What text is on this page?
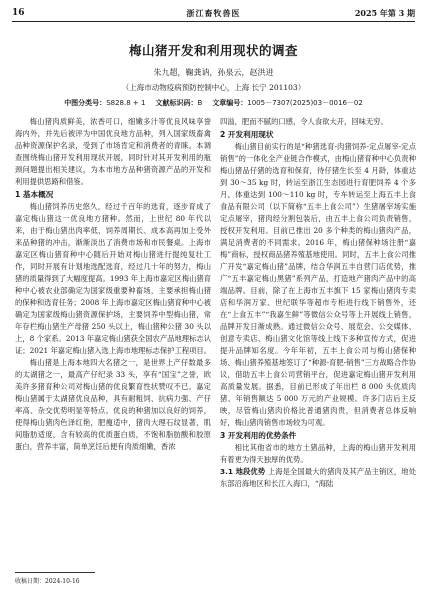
16	浙江畜牧兽医	2025 年第 3 期
梅山猪开发和利用现状的调查
朱九超，鞠龚讷，孙泉云，赵洪进
（上海市动物疫病预防控制中心，上海 长宁 201103）
中图分类号：S828.8 + 1 文献标识码：B 文章编号：1005－7307(2025)03－0016－02

梅山猪肉质鲜美，浓香可口，细嫩多汁等优良风味享誉海内外，并先后被评为中国优良地方品种，列入国家级畜禽品种资源保护名录，受到了市场肯定和消费者的青睐。本调查围绕梅山猪开发利用现状开展，同时针对其开发利用的瓶颈问题提出相关建议，为本市地方品种猪资源产品的开发和利用提供思路和借鉴。

1 基本概况

梅山猪饲养历史悠久，经过千百年的选育，逐步育成了嘉定梅山猪这一优良地方猪种。然而，上世纪 80 年代以来，由于梅山猪出肉率低、饲养周期长、成本高再加上受外来品种猪的冲击，渐渐淡出了消费市场和市民餐桌。上海市嘉定区梅山猪育种中心随后开始对梅山猪进行提纯复壮工作，同时开展有计划地选配选育，经过几十年的努力，梅山猪的质量得到了大幅度提高。1993 年上海市嘉定区梅山猪育种中心被农业部确定为国家级重要种畜场，主要承担梅山猪的保种和选育任务；2008 年上海市嘉定区梅山猪育种中心被确定为国家级梅山猪资源保护场，主要饲养中型梅山猪，常年存栏梅山猪生产母猪 250 头以上，梅山猪种公猪 30 头以上，8 个家系。2013 年嘉定梅山猪获全国农产品地理标志认证；2021 年嘉定梅山猪入选上海市地理标志保护工程项目。

梅山猪是上海本地四大名猪之一，是世界上产仔数最多的太湖猪之一，最高产仔纪录 33 头，享有“国宝”之誉，欧美许多猪育种公司对梅山猪的优良繁育性状赞叹不已。嘉定梅山猪属于太湖猪优良品种，具有耐粗饲、抗病力强、产仔率高、杂交优势明显等特点。优良的种猪加以良好的饲养，使得梅山猪肉色泽红艳，肥瘦适中，猪肉大理石纹显著，肌间脂肪适度，含有较高的优质蛋白质，不饱和脂肪酸和胶原蛋白，营养丰富，简单烹饪后便有肉质细嫩，香浓

四溢，肥而不腻的口感，令人食欲大开，回味无穷。

2 开发利用现状

梅山猪目前实行的是“种猪选育-肉猪饲养-定点屠宰-定点销售”的一体化全产业链合作模式，由梅山猪育种中心负责种梅山猪品仔猪的选育和保育，待仔猪生长至 4 月龄，体重达到 30～35 kg 时，转运至浙江生态园进行育肥饲养 4 个多月，体重达到 100～110 kg 时，专车转运至上海五丰上食食品有限公司（以下简称“五丰上食公司”）生猪屠宰场实施定点屠宰，猪肉经分割包装后，由五丰上食公司负责销售，授权开发利用。目前已推出 20 多个种类的梅山猪肉产品，满足消费者的不同需求。2016 年，梅山猪保种场注册“嘉梅”商标，授权商品猪养殖基地使用。同时，五丰上食公司推广开发“嘉定梅山猪”品牌，结合华润五丰自营门店优势，推广“五丰嘉定梅山黑猪”系列产品，打造地产猪肉产品中的高端品牌。目前，除了在上海市五丰旗下 15 家梅山猪肉专卖店和华润万家、世纪联华等超市专柜进行线下销售外，还在“上食五丰”“我嘉生鲜”等微信公众号等上开展线上销售，品牌开发日渐成熟。通过微信公众号、展览会、公交媒体、创意专卖店、梅山猪文化馆等线上线下多种宣传方式，促进提升品牌知名度。今年年初，五丰上食公司与梅山猪保种场、梅山猪养殖基地签订了“种源-育肥-销售”三方战略合作协议，借助五丰上食公司营销平台，促进嘉定梅山猪开发利用高质量发展。据悉，目前已形成了年出栏 8 000 头优质肉猪、年销售额达 5 000 万元的产业规模。许多门店后主反映，尽管梅山猪肉价格比普通猪肉贵，但消费者总体反响好，梅山猪肉销售市场较为可观。

3 开发利用的优势条件

相比其他省市的地方土猪品种，上海的梅山猪开发利用有着更为得天独厚的优势。

3.1 地段优势 上海是全国最大的猪肉及其产品主销区，地处东部沿海地区和长江入海口，“海陆

收稿日期：2024-10-16
